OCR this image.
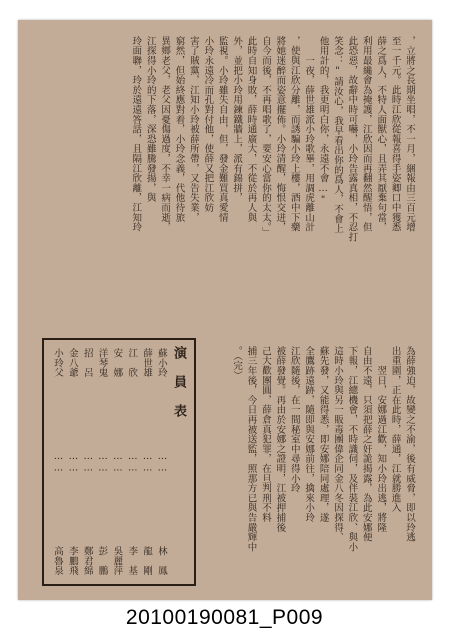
，立將之長期坐唱，不一月，綑報由三百元增
至一千元。此時江欣從報喜得手姿卿口中獲悉
薛之爲人，不特人面獸心，且弄其厭棄句當，
利用最纔會為掩護，江欣因而再翻然醒悟，但
此恐惡，故辭中時可嚇，小玲告露真相，不忍打
笑念："請汝心，我早看出你的爲人，不會上
他用計的，我更明白你，永遠不會…"
　　一夜，薛世雄派小玲歌畢，用調虎離山計
，使與江欣分離，而誘騙小玲上樓，酒中下藥
將她迷醉而姿意擺佈。小玲清醒，悔恨交迸，
自今而後，不再唱歌了，要安心當你的太太。」
此時自知身敗，薛時通廣大，不從於再人與
外，並把小玲用鍊鐵牆上，派有錦拼，
監視。小玲雖失自由，但，發金難買真愛情
小玲永遠冷而孔對付他，使薛又把江欣妨
害了賊黨，江知小玲被薛所帶，又告失業，
窮然，但始終應對着，小玲念義，代他待旅
異鄉老父，老父因憂傷過度，不幸一病而逝，
江探得小玲的下落，深恐雖騰發揚，與
玲面聯，玲於遠遠答話，且隔江欣離，江知玲
演員表
蘇小玲
……
林　鳳
薛世雄
……
龍　剛
江　欣
……
李　基
安　娜
……
吳麗萍
洋琴鬼
……
彭　鵬
招　呂
……
鄭君綿
金八爺
……
李鵬飛
小玲父
……
高魯泉
為薛強迫，故變之不渝，後有威脅，即以玲逃
出重圍，正在此時，薛通，江就勝進入
　　翌日，安娜過江歡，知小玲出逃，將隆
自由不遠，只須把薛之奸詭揭露，為此安娜便
下報，江總機會，不時識伺，及伴裝江欣、與小
這時小玲與另一販毒團偉企同金八冬因探得、
蘇先發，又能得悉，即安娜陪同處理，遂
全鷹跡遠跡，隨即與安娜前往，擒來小玲
江欣隨後，在一間秘室中尋得小玲
被薛發覺。再由於安娜之證明，江被押捕後
己大歡團圓，薛倉真犯罪，在旦判刑不料
捕三年後，今日再被送監，照那方已與告嚴輝中
。（完）
20100190081_P009
